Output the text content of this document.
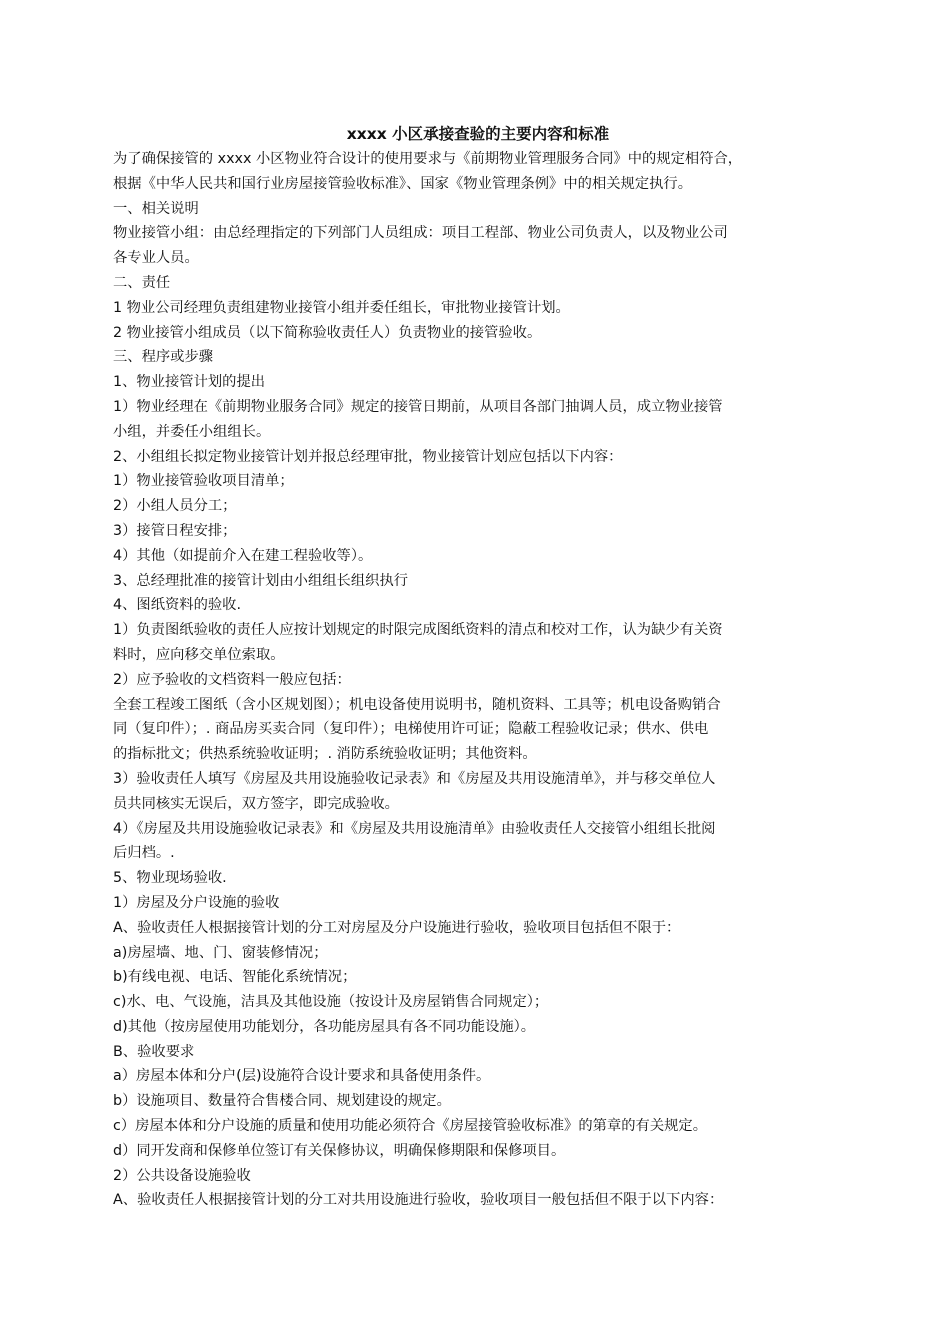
xxxx 小区承接查验的主要内容和标准

为了确保接管的 xxxx 小区物业符合设计的使用要求与《前期物业管理服务合同》中的规定相符合，

根据《中华人民共和国行业房屋接管验收标准》、国家《物业管理条例》中的相关规定执行。

一、相关说明

物业接管小组：由总经理指定的下列部门人员组成：项目工程部、物业公司负责人，以及物业公司

各专业人员。

二、责任

1 物业公司经理负责组建物业接管小组并委任组长，审批物业接管计划。

2 物业接管小组成员（以下简称验收责任人）负责物业的接管验收。

三、程序或步骤

1、物业接管计划的提出

1）物业经理在《前期物业服务合同》规定的接管日期前，从项目各部门抽调人员，成立物业接管

小组，并委任小组组长。

2、小组组长拟定物业接管计划并报总经理审批，物业接管计划应包括以下内容：

1）物业接管验收项目清单；

2）小组人员分工；

3）接管日程安排；

4）其他（如提前介入在建工程验收等）。

3、总经理批准的接管计划由小组组长组织执行

4、图纸资料的验收.

1）负责图纸验收的责任人应按计划规定的时限完成图纸资料的清点和校对工作，认为缺少有关资

料时，应向移交单位索取。

2）应予验收的文档资料一般应包括：

全套工程竣工图纸（含小区规划图）；机电设备使用说明书，随机资料、工具等；机电设备购销合

同（复印件）；. 商品房买卖合同（复印件）；电梯使用许可证；隐蔽工程验收记录；供水、供电

的指标批文；供热系统验收证明；. 消防系统验收证明；其他资料。

3）验收责任人填写《房屋及共用设施验收记录表》和《房屋及共用设施清单》，并与移交单位人

员共同核实无误后，双方签字，即完成验收。

4）《房屋及共用设施验收记录表》和《房屋及共用设施清单》由验收责任人交接管小组组长批阅

后归档。.

5、物业现场验收.

1）房屋及分户设施的验收

A、验收责任人根据接管计划的分工对房屋及分户设施进行验收，验收项目包括但不限于：

a)房屋墙、地、门、窗装修情况；

b)有线电视、电话、智能化系统情况；

c)水、电、气设施，洁具及其他设施（按设计及房屋销售合同规定）；

d)其他（按房屋使用功能划分，各功能房屋具有各不同功能设施）。

B、验收要求

a）房屋本体和分户(层)设施符合设计要求和具备使用条件。

b）设施项目、数量符合售楼合同、规划建设的规定。

c）房屋本体和分户设施的质量和使用功能必须符合《房屋接管验收标准》的第章的有关规定。

d）同开发商和保修单位签订有关保修协议，明确保修期限和保修项目。

2）公共设备设施验收

A、验收责任人根据接管计划的分工对共用设施进行验收，验收项目一般包括但不限于以下内容：
